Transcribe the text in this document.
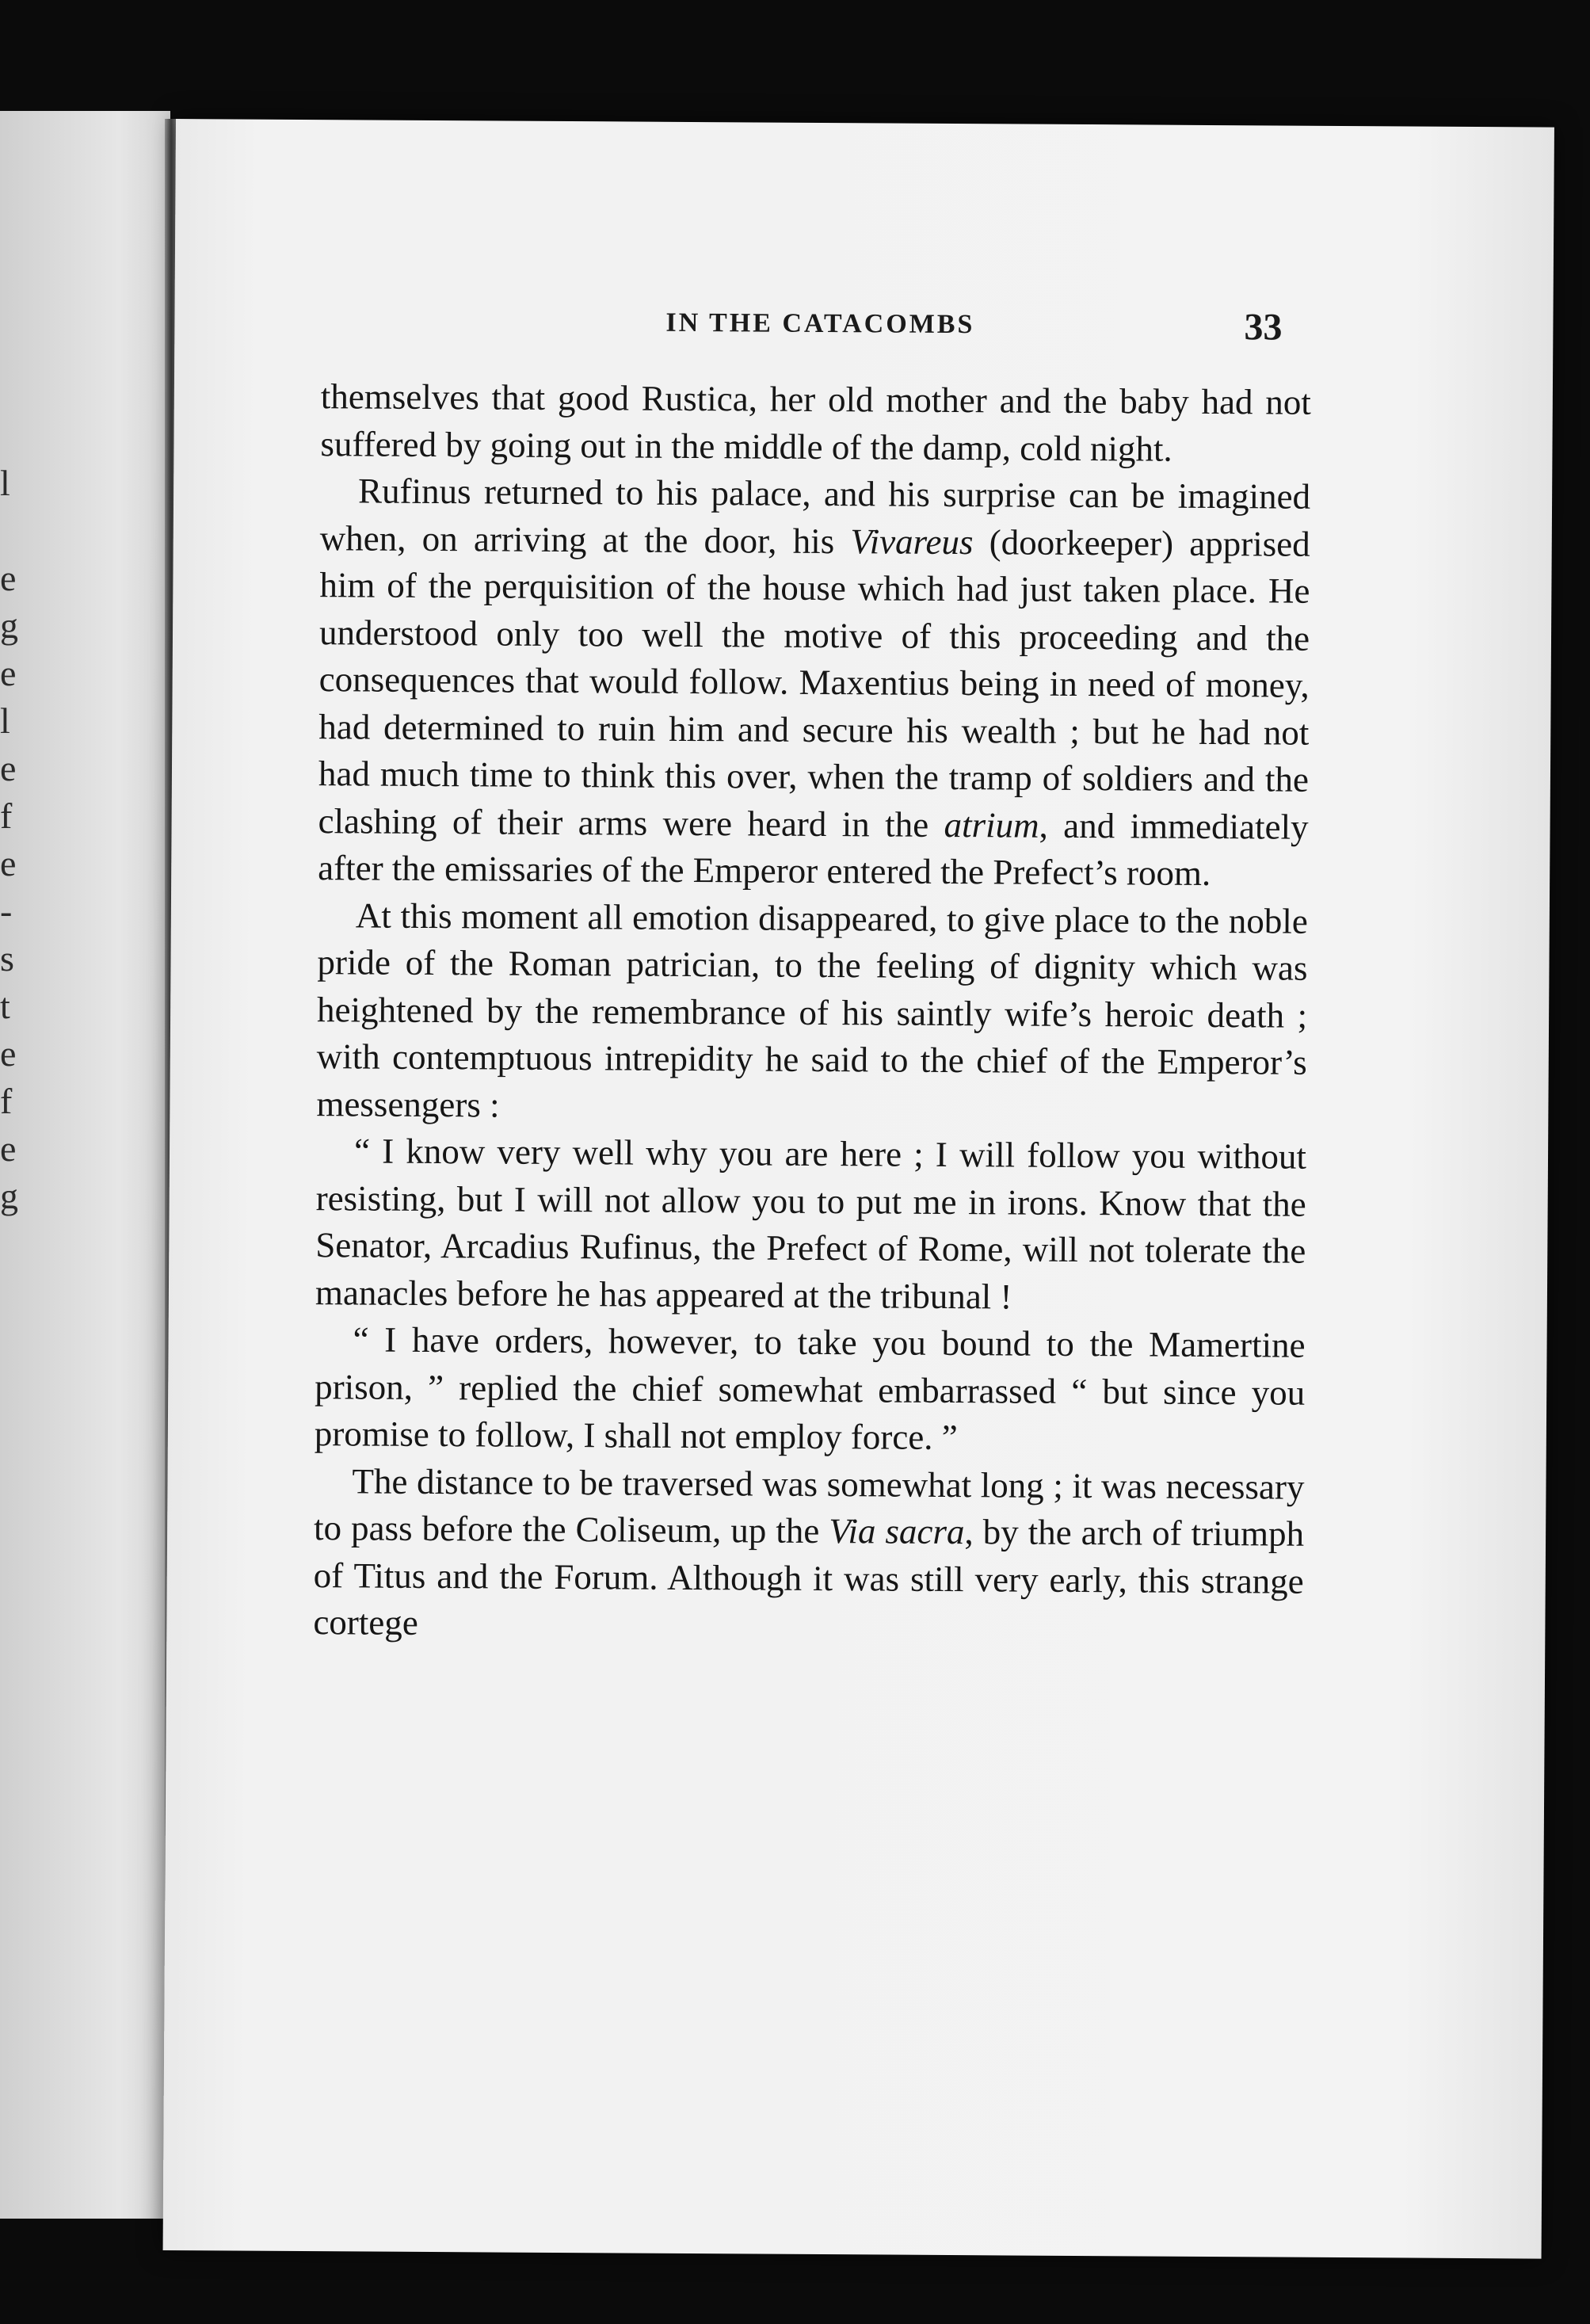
l
e
g
e
l
e
f
e
-
s
t
e
f
e
g
IN THE CATACOMBS	33

themselves that good Rustica, her old mother and the baby had not suffered by going out in the middle of the damp, cold night.

Rufinus returned to his palace, and his surprise can be imagined when, on arriving at the door, his Vivareus (doorkeeper) apprised him of the perquisition of the house which had just taken place. He understood only too well the motive of this proceeding and the consequences that would follow. Maxentius being in need of money, had determined to ruin him and secure his wealth ; but he had not had much time to think this over, when the tramp of soldiers and the clashing of their arms were heard in the atrium, and immediately after the emissaries of the Emperor entered the Prefect’s room.

At this moment all emotion disappeared, to give place to the noble pride of the Roman patrician, to the feeling of dignity which was heightened by the remembrance of his saintly wife’s heroic death ; with contemptuous intrepidity he said to the chief of the Emperor’s messengers :

“ I know very well why you are here ; I will follow you without resisting, but I will not allow you to put me in irons. Know that the Senator, Arcadius Rufinus, the Prefect of Rome, will not tolerate the manacles before he has appeared at the tribunal !

“ I have orders, however, to take you bound to the Mamertine prison, ” replied the chief somewhat embarrassed “ but since you promise to follow, I shall not employ force. ”

The distance to be traversed was somewhat long ; it was necessary to pass before the Coliseum, up the Via sacra, by the arch of triumph of Titus and the Forum. Although it was still very early, this strange cortege
